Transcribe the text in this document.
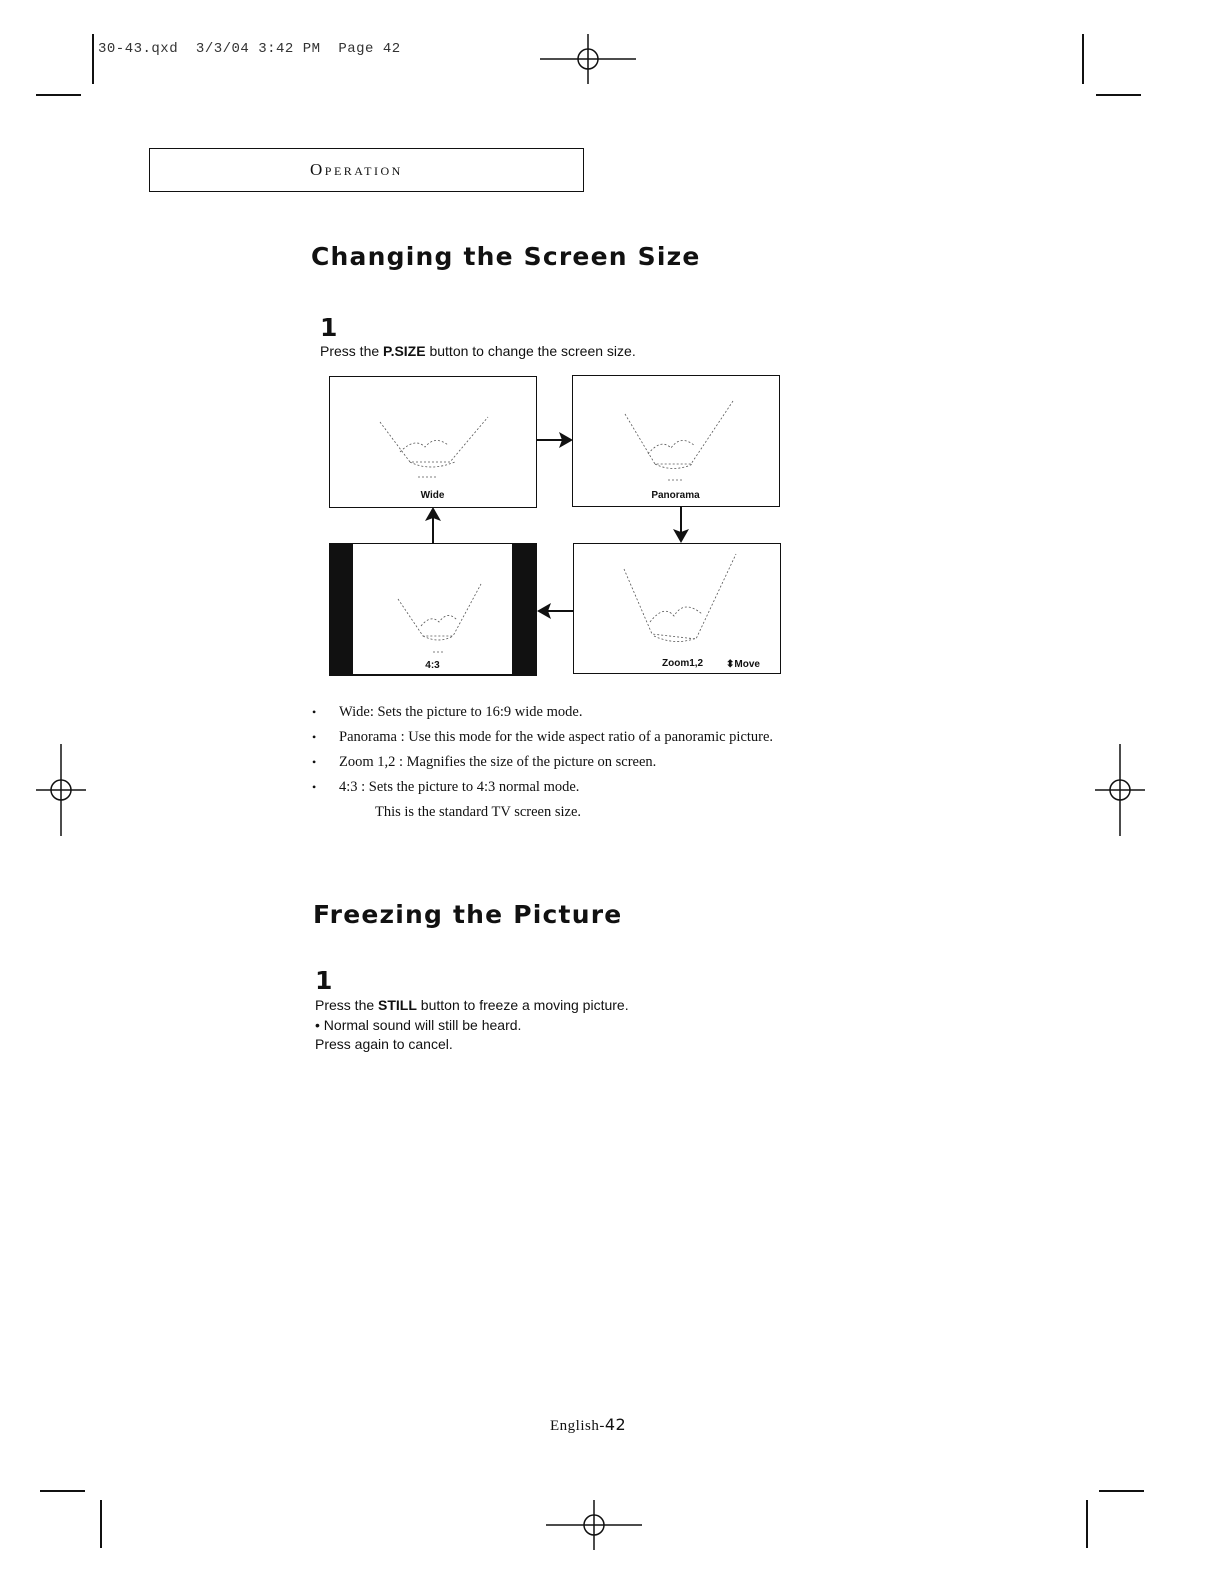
30-43.qxd  3/3/04 3:42 PM  Page 42
Operation
Changing the Screen Size
1
Press the P.SIZE button to change the screen size.
Wide	Panorama
Zoom1,2 ⬍Move
4:3
• Wide: Sets the picture to 16:9 wide mode.
• Panorama : Use this mode for the wide aspect ratio of a panoramic picture.
• Zoom 1,2 : Magnifies the size of the picture on screen.
• 4:3 : Sets the picture to 4:3 normal mode.
This is the standard TV screen size.
Freezing the Picture
1
Press the STILL button to freeze a moving picture.
• Normal sound will still be heard.
Press again to cancel.
English-42
